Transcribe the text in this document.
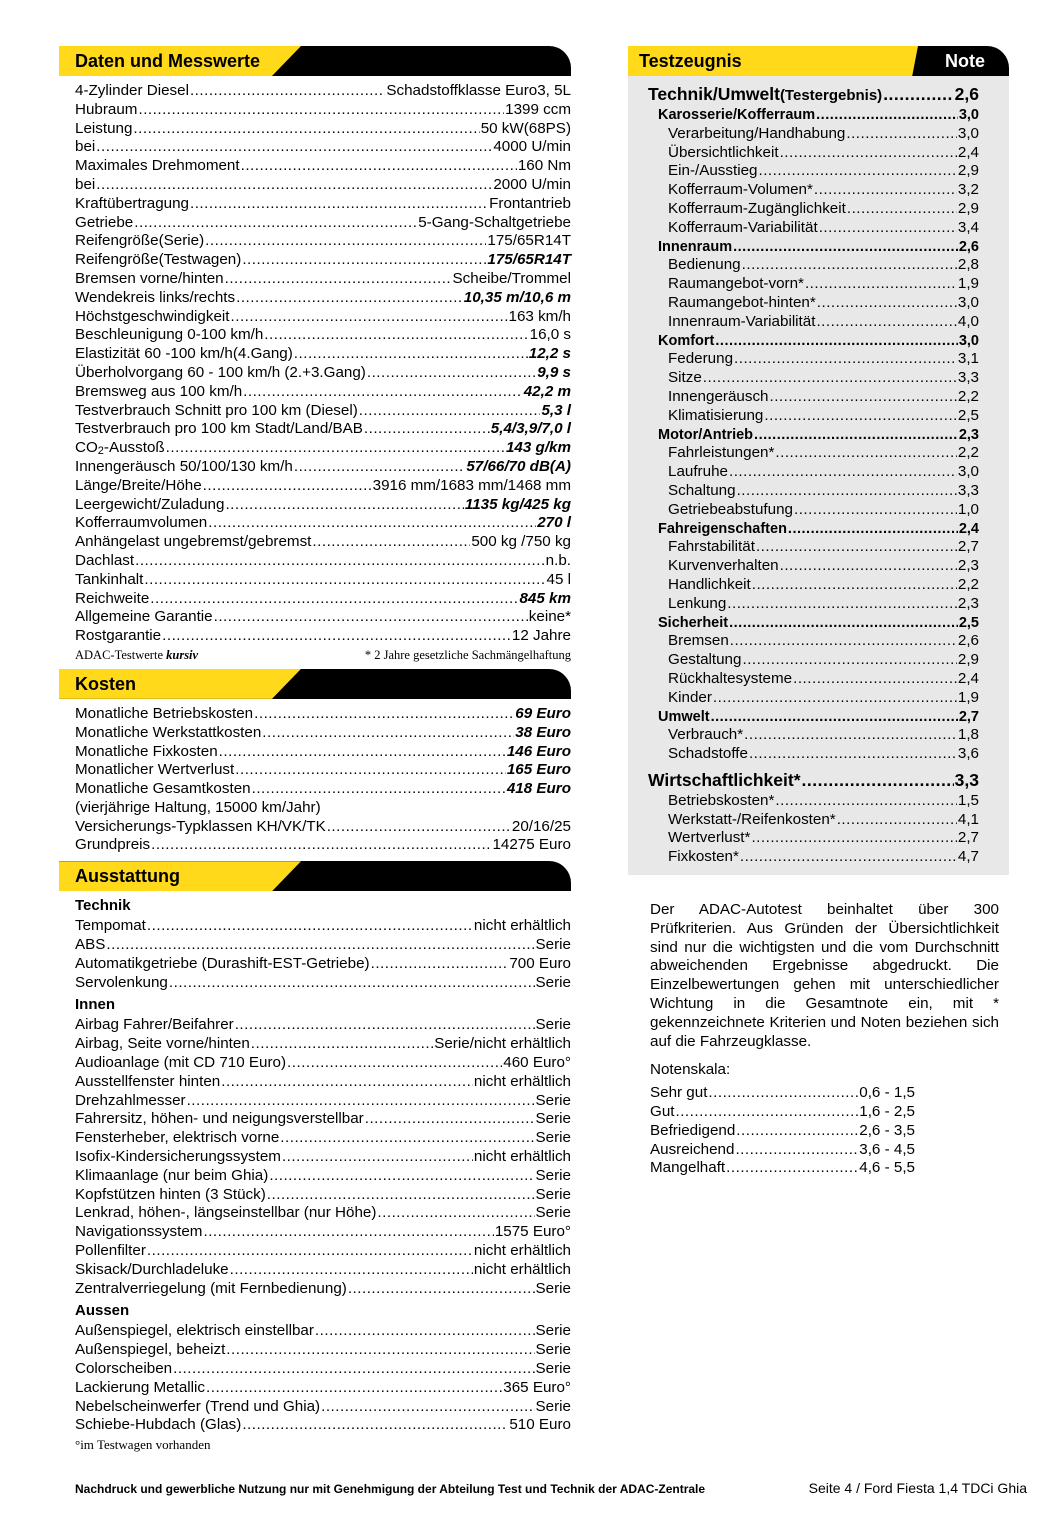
Daten und Messwerte
4-Zylinder Diesel .....	Schadstoffklasse Euro3, 5L
Hubraum .....	1399 ccm
Leistung .....	50 kW(68PS)
bei .....	4000 U/min
Maximales Drehmoment .....	160 Nm
bei .....	2000 U/min
Kraftübertragung .....	Frontantrieb
Getriebe .....	5-Gang-Schaltgetriebe
Reifengröße(Serie) .....	175/65R14T
Reifengröße(Testwagen) .....	175/65R14T
Bremsen vorne/hinten .....	Scheibe/Trommel
Wendekreis links/rechts .....	10,35 m/10,6 m
Höchstgeschwindigkeit .....	163 km/h
Beschleunigung 0-100 km/h .....	16,0 s
Elastizität 60 -100 km/h(4.Gang) .....	12,2 s
Überholvorgang 60 - 100 km/h (2.+3.Gang) .....	9,9 s
Bremsweg aus 100 km/h .....	42,2 m
Testverbrauch Schnitt pro 100 km (Diesel) .....	5,3 l
Testverbrauch pro 100 km Stadt/Land/BAB .....	5,4/3,9/7,0 l
CO2-Ausstoß .....	143 g/km
Innengeräusch 50/100/130 km/h .....	57/66/70 dB(A)
Länge/Breite/Höhe .....	3916 mm/1683 mm/1468 mm
Leergewicht/Zuladung .....	1135 kg/425 kg
Kofferraumvolumen .....	270 l
Anhängelast ungebremst/gebremst .....	500 kg /750 kg
Dachlast .....	n.b.
Tankinhalt .....	45 l
Reichweite .....	845 km
Allgemeine Garantie .....	keine*
Rostgarantie .....	12 Jahre
ADAC-Testwerte kursiv	* 2 Jahre gesetzliche Sachmängelhaftung
Kosten
Monatliche Betriebskosten .....	69 Euro
Monatliche Werkstattkosten .....	38 Euro
Monatliche Fixkosten .....	146 Euro
Monatlicher Wertverlust .....	165 Euro
Monatliche Gesamtkosten .....	418 Euro
(vierjährige Haltung, 15000 km/Jahr)
Versicherungs-Typklassen KH/VK/TK .....	20/16/25
Grundpreis .....	14275 Euro
Ausstattung
Technik
Tempomat .....	nicht erhältlich
ABS .....	Serie
Automatikgetriebe (Durashift-EST-Getriebe) .....	700 Euro
Servolenkung .....	Serie
Innen
Airbag Fahrer/Beifahrer .....	Serie
Airbag, Seite vorne/hinten .....	Serie/nicht erhältlich
Audioanlage (mit CD 710 Euro) .....	460 Euro°
Ausstellfenster hinten .....	nicht erhältlich
Drehzahlmesser .....	Serie
Fahrersitz, höhen- und neigungsverstellbar .....	Serie
Fensterheber, elektrisch vorne .....	Serie
Isofix-Kindersicherungssystem .....	nicht erhältlich
Klimaanlage (nur beim Ghia) .....	Serie
Kopfstützen hinten (3 Stück) .....	Serie
Lenkrad, höhen-, längseinstellbar (nur Höhe) .....	Serie
Navigationssystem .....	1575 Euro°
Pollenfilter .....	nicht erhältlich
Skisack/Durchladeluke .....	nicht erhältlich
Zentralverriegelung (mit Fernbedienung) .....	Serie
Aussen
Außenspiegel, elektrisch einstellbar .....	Serie
Außenspiegel, beheizt .....	Serie
Colorscheiben .....	Serie
Lackierung Metallic .....	365 Euro°
Nebelscheinwerfer (Trend und Ghia) .....	Serie
Schiebe-Hubdach (Glas) .....	510 Euro
°im Testwagen vorhanden
Testzeugnis	Note
Technik/Umwelt(Testergebnis) .....	2,6
Karosserie/Kofferraum .....	3,0
Verarbeitung/Handhabung .....	3,0
Übersichtlichkeit .....	2,4
Ein-/Ausstieg .....	2,9
Kofferraum-Volumen* .....	3,2
Kofferraum-Zugänglichkeit .....	2,9
Kofferraum-Variabilität .....	3,4
Innenraum .....	2,6
Bedienung .....	2,8
Raumangebot-vorn* .....	1,9
Raumangebot-hinten* .....	3,0
Innenraum-Variabilität .....	4,0
Komfort .....	3,0
Federung .....	3,1
Sitze .....	3,3
Innengeräusch .....	2,2
Klimatisierung .....	2,5
Motor/Antrieb .....	2,3
Fahrleistungen* .....	2,2
Laufruhe .....	3,0
Schaltung .....	3,3
Getriebeabstufung .....	1,0
Fahreigenschaften .....	2,4
Fahrstabilität .....	2,7
Kurvenverhalten .....	2,3
Handlichkeit .....	2,2
Lenkung .....	2,3
Sicherheit .....	2,5
Bremsen .....	2,6
Gestaltung .....	2,9
Rückhaltesysteme .....	2,4
Kinder .....	1,9
Umwelt .....	2,7
Verbrauch* .....	1,8
Schadstoffe .....	3,6
Wirtschaftlichkeit* .....	3,3
Betriebskosten* .....	1,5
Werkstatt-/Reifenkosten* .....	4,1
Wertverlust* .....	2,7
Fixkosten* .....	4,7
Der ADAC-Autotest beinhaltet über 300 Prüfkriterien. Aus Gründen der Übersichtlichkeit sind nur die wichtigsten und die vom Durchschnitt abweichenden Ergebnisse abgedruckt. Die Einzelbewertungen gehen mit unterschiedlicher Wichtung in die Gesamtnote ein, mit * gekennzeichnete Kriterien und Noten beziehen sich auf die Fahrzeugklasse.
Notenskala:
Sehr gut .....	0,6 - 1,5
Gut .....	1,6 - 2,5
Befriedigend .....	2,6 - 3,5
Ausreichend .....	3,6 - 4,5
Mangelhaft .....	4,6 - 5,5
Nachdruck und gewerbliche Nutzung nur mit Genehmigung der Abteilung Test und Technik der ADAC-Zentrale	Seite 4 / Ford Fiesta 1,4 TDCi Ghia
